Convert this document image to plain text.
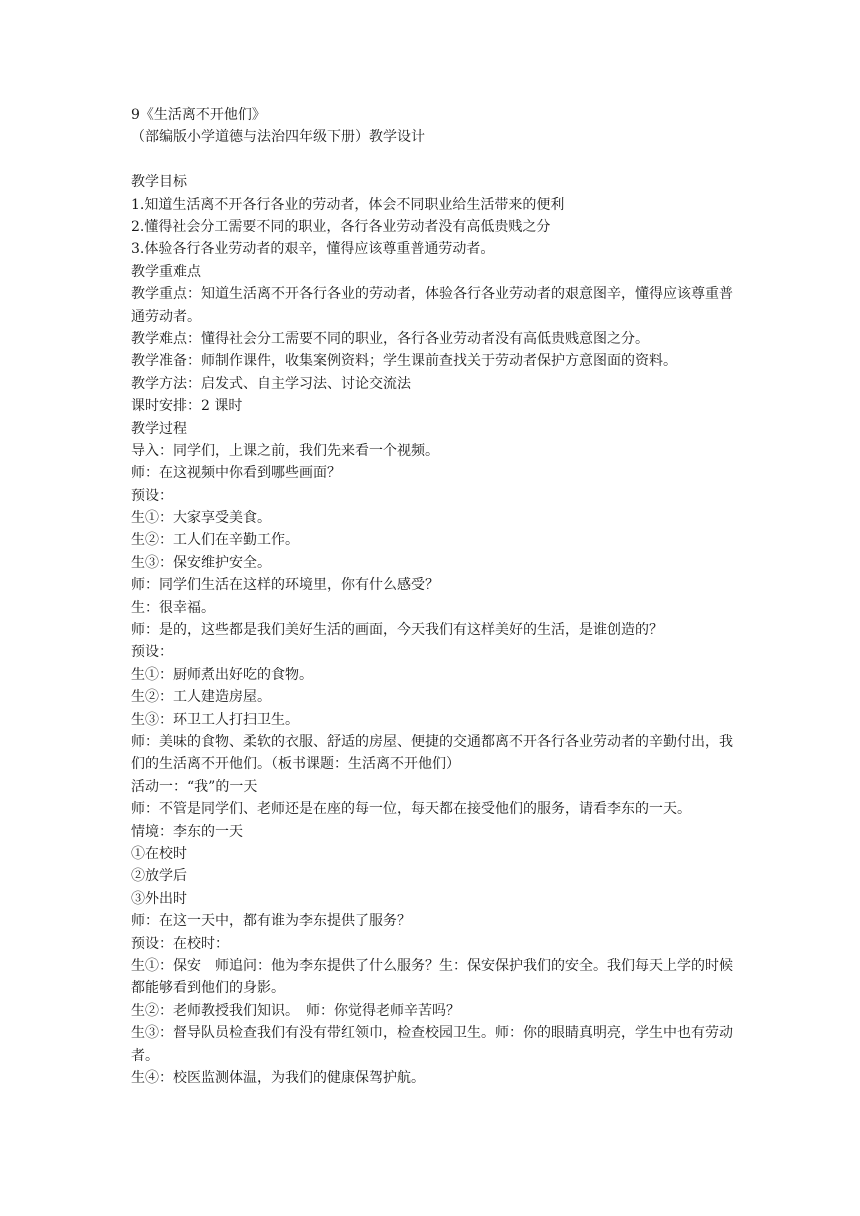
9《生活离不开他们》

（部编版小学道德与法治四年级下册）教学设计

教学目标

1.知道生活离不开各行各业的劳动者，体会不同职业给生活带来的便利

2.懂得社会分工需要不同的职业，各行各业劳动者没有高低贵贱之分

3.体验各行各业劳动者的艰辛，懂得应该尊重普通劳动者。

教学重难点

教学重点：知道生活离不开各行各业的劳动者，体验各行各业劳动者的艰意图辛，懂得应该尊重普通劳动者。

教学难点：懂得社会分工需要不同的职业，各行各业劳动者没有高低贵贱意图之分。

教学准备：师制作课件，收集案例资料；学生课前查找关于劳动者保护方意图面的资料。

教学方法：启发式、自主学习法、讨论交流法

课时安排：2 课时

教学过程

导入：同学们，上课之前，我们先来看一个视频。

师：在这视频中你看到哪些画面？

预设：

生①：大家享受美食。

生②：工人们在辛勤工作。

生③：保安维护安全。

师：同学们生活在这样的环境里，你有什么感受？

生：很幸福。

师：是的，这些都是我们美好生活的画面，今天我们有这样美好的生活，是谁创造的？

预设：

生①：厨师煮出好吃的食物。

生②：工人建造房屋。

生③：环卫工人打扫卫生。

师：美味的食物、柔软的衣服、舒适的房屋、便捷的交通都离不开各行各业劳动者的辛勤付出，我们的生活离不开他们。（板书课题：生活离不开他们）

活动一：“我”的一天

师：不管是同学们、老师还是在座的每一位，每天都在接受他们的服务，请看李东的一天。

情境：李东的一天

①在校时

②放学后

③外出时

师：在这一天中，都有谁为李东提供了服务？

预设：在校时：

生①：保安　师追问：他为李东提供了什么服务？生：保安保护我们的安全。我们每天上学的时候都能够看到他们的身影。

生②：老师教授我们知识。　师：你觉得老师辛苦吗？

生③：督导队员检查我们有没有带红领巾，检查校园卫生。师：你的眼睛真明亮，学生中也有劳动者。

生④：校医监测体温，为我们的健康保驾护航。
